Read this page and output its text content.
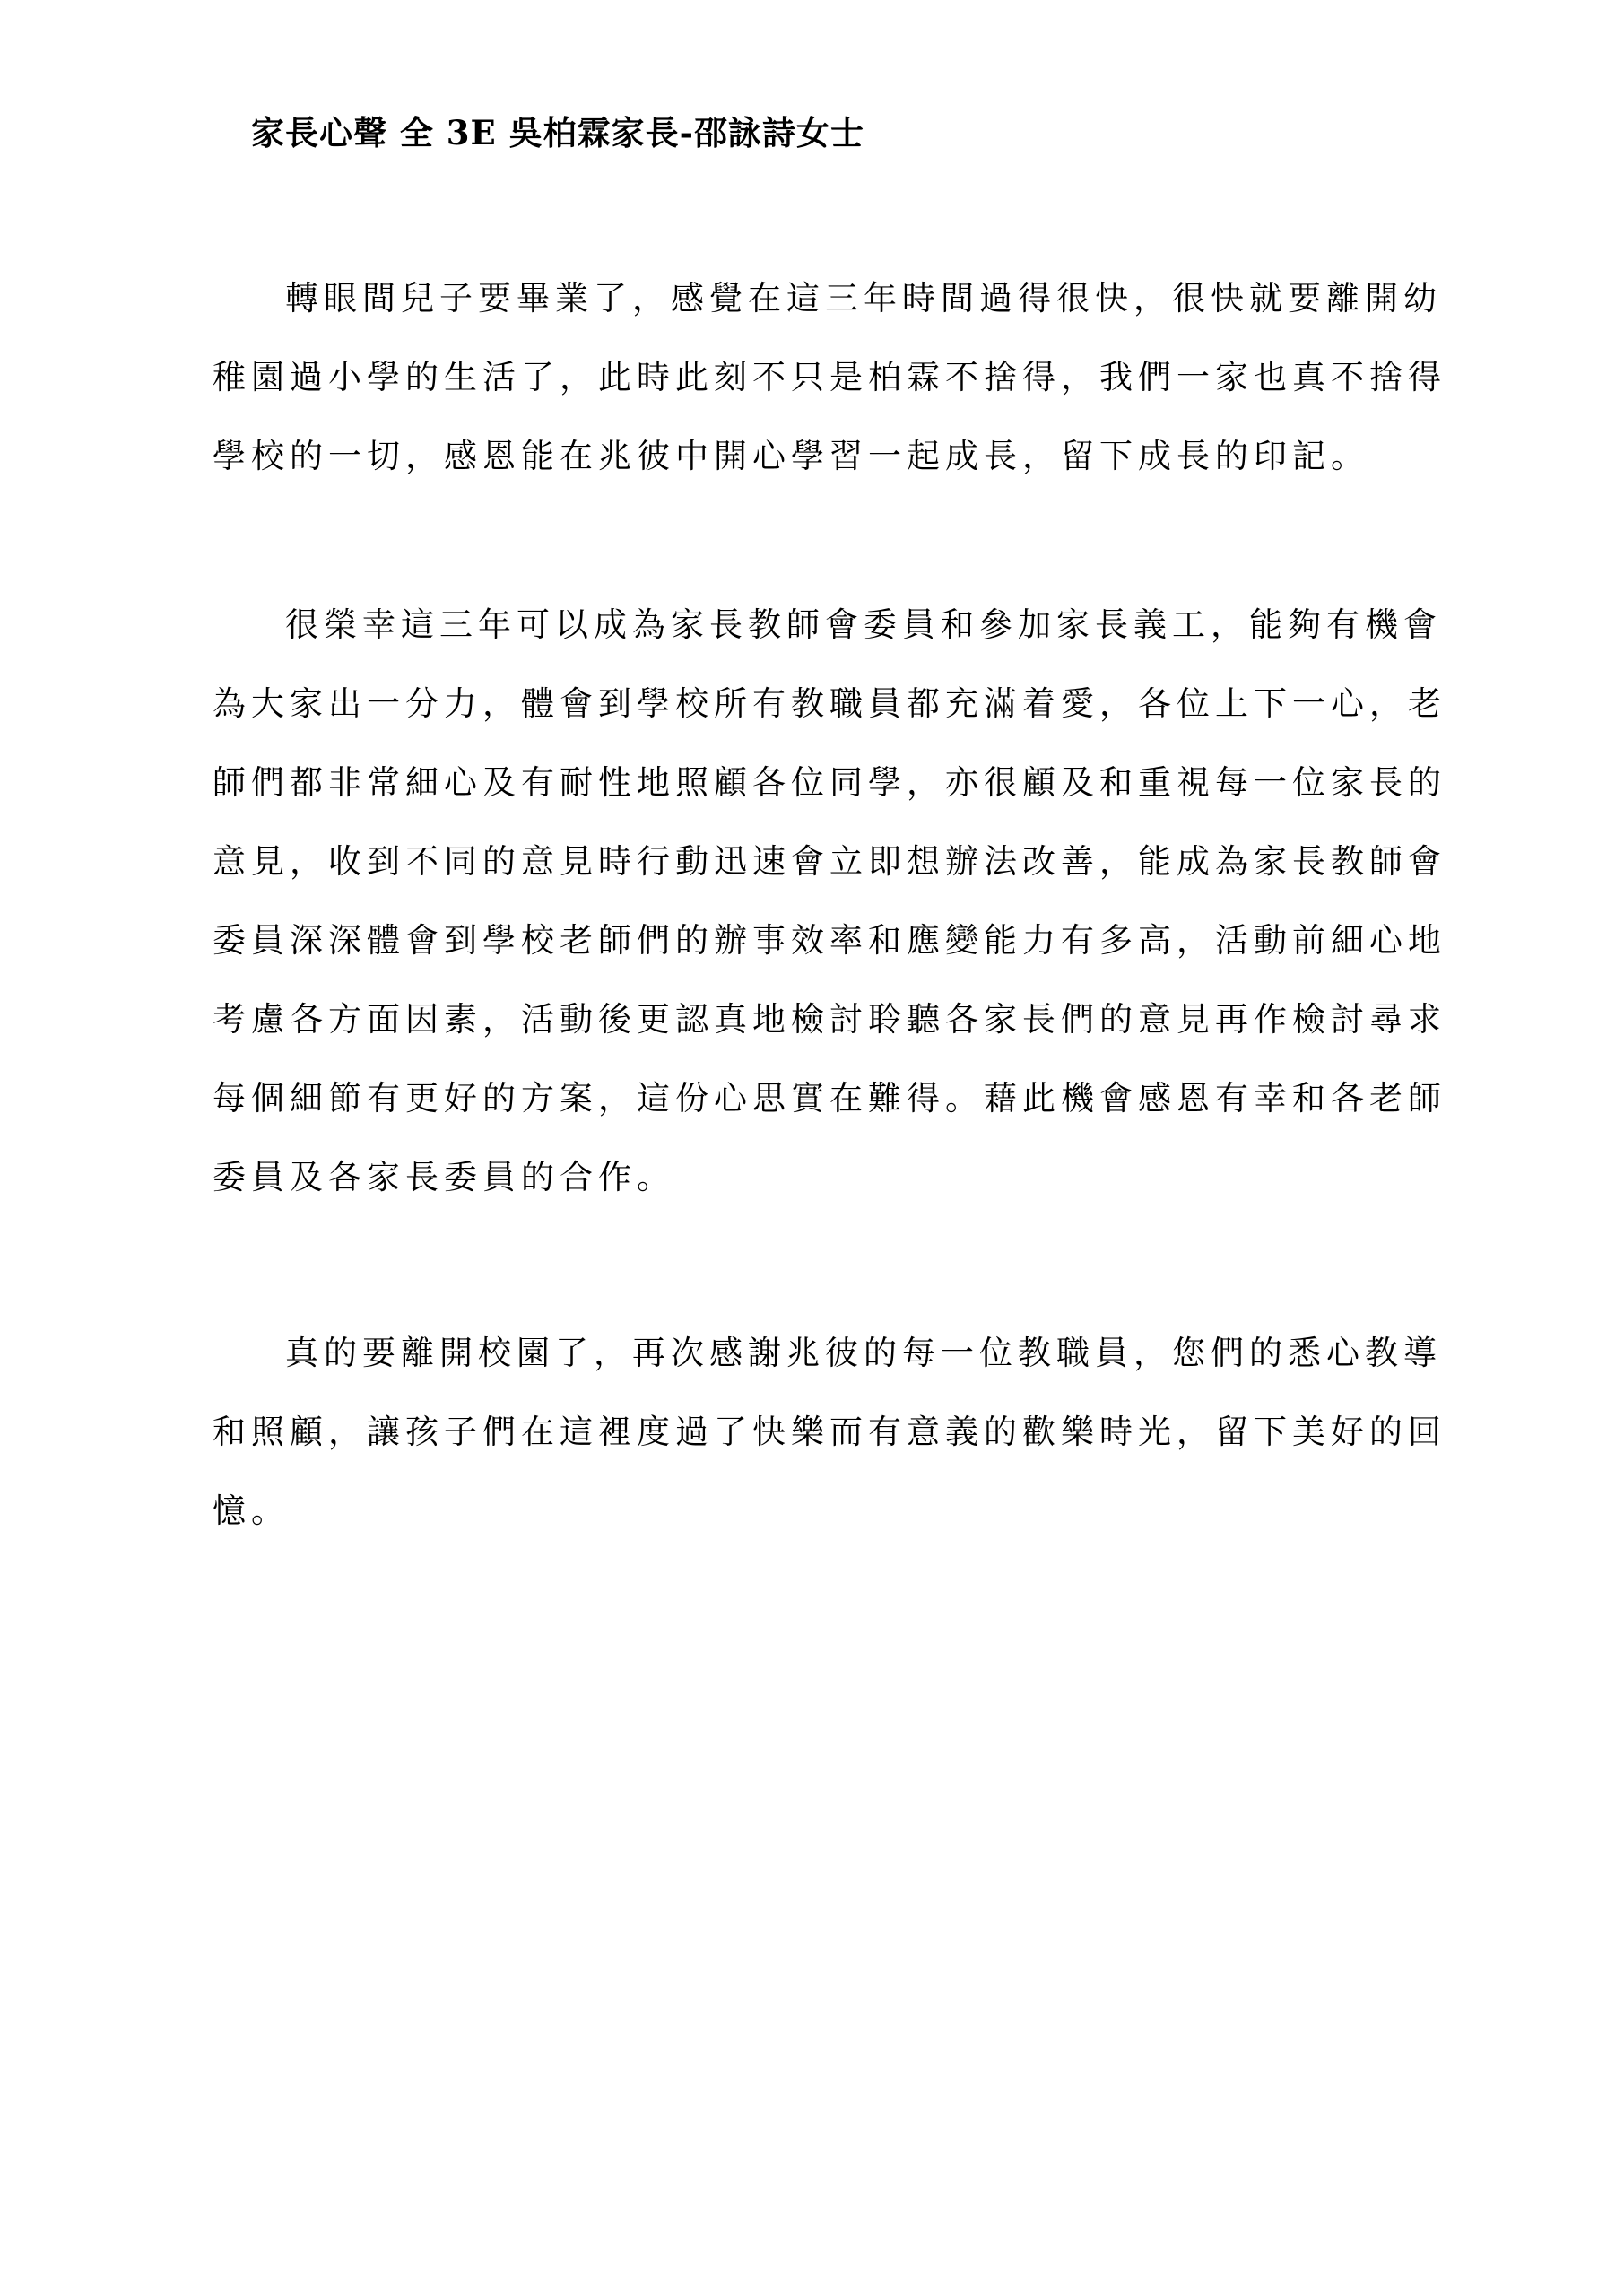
家長心聲 全 3E 吳柏霖家長-邵詠詩女士
轉眼間兒子要畢業了，感覺在這三年時間過得很快，很快就要離開幼
稚園過小學的生活了，此時此刻不只是柏霖不捨得，我們一家也真不捨得
學校的一切，感恩能在兆彼中開心學習一起成長，留下成長的印記。
很榮幸這三年可以成為家長教師會委員和參加家長義工，能夠有機會
為大家出一分力，體會到學校所有教職員都充滿着愛，各位上下一心，老
師們都非常細心及有耐性地照顧各位同學，亦很顧及和重視每一位家長的
意見，收到不同的意見時行動迅速會立即想辦法改善，能成為家長教師會
委員深深體會到學校老師們的辦事效率和應變能力有多高，活動前細心地
考慮各方面因素，活動後更認真地檢討聆聽各家長們的意見再作檢討尋求
每個細節有更好的方案，這份心思實在難得。藉此機會感恩有幸和各老師
委員及各家長委員的合作。
真的要離開校園了，再次感謝兆彼的每一位教職員，您們的悉心教導
和照顧，讓孩子們在這裡度過了快樂而有意義的歡樂時光，留下美好的回
憶。
